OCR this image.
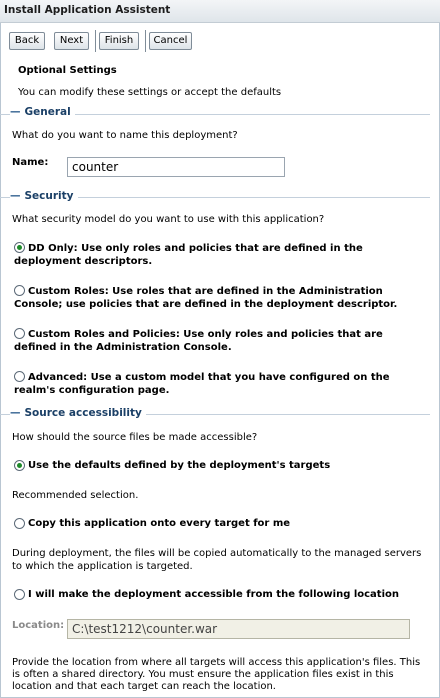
Install Application Assistent
Back	Next	Finish	Cancel
Optional Settings
You can modify these settings or accept the defaults
— General
What do you want to name this deployment?
Name:
counter
— Security
What security model do you want to use with this application?
DD Only: Use only roles and policies that are defined in the deployment descriptors.
Custom Roles: Use roles that are defined in the Administration Console; use policies that are defined in the deployment descriptor.
Custom Roles and Policies: Use only roles and policies that are defined in the Administration Console.
Advanced: Use a custom model that you have configured on the realm's configuration page.
— Source accessibility
How should the source files be made accessible?
Use the defaults defined by the deployment's targets
Recommended selection.
Copy this application onto every target for me
During deployment, the files will be copied automatically to the managed servers to which the application is targeted.
I will make the deployment accessible from the following location
Location:
C:\test1212\counter.war
Provide the location from where all targets will access this application's files. This is often a shared directory. You must ensure the application files exist in this location and that each target can reach the location.
